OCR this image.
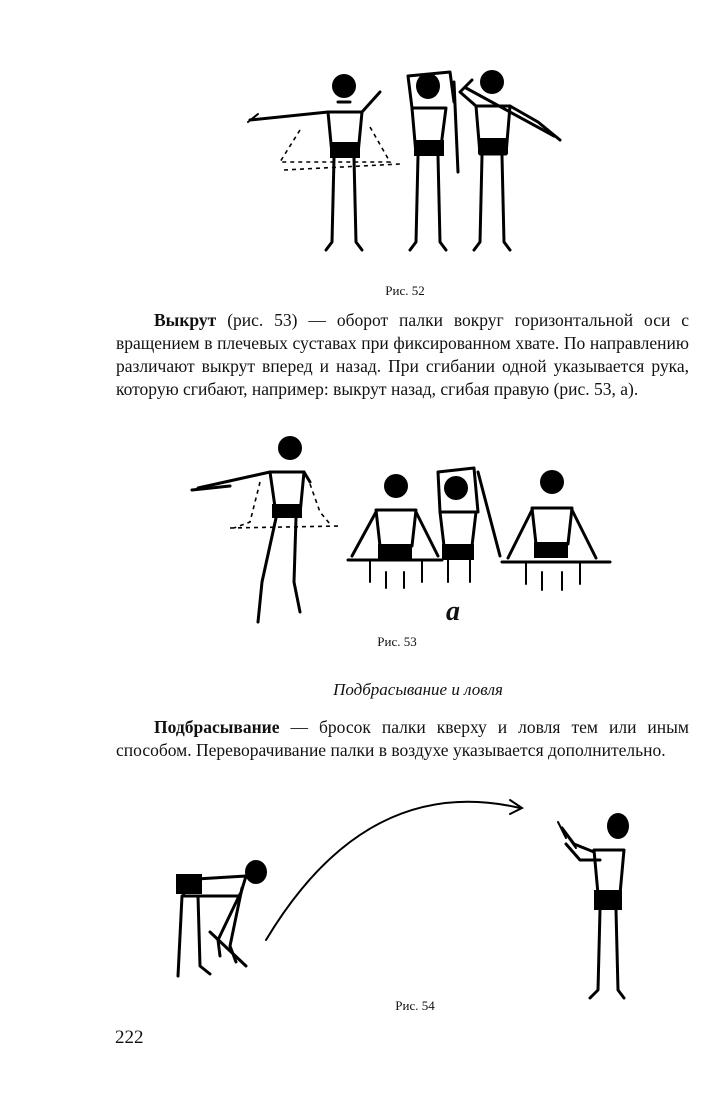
Рис. 52

Выкрут (рис. 53) — оборот палки вокруг горизонтальной оси с вращением в плечевых суставах при фиксированном хвате. По направлению различают выкрут вперед и назад. При сгибании одной указывается рука, которую сгибают, например: выкрут назад, сгибая правую (рис. 53, а).

а
Рис. 53
Подбрасывание и ловля

Подбрасывание — бросок палки кверху и ловля тем или иным способом. Переворачивание палки в воздухе указывается дополнительно.

Рис. 54
222
